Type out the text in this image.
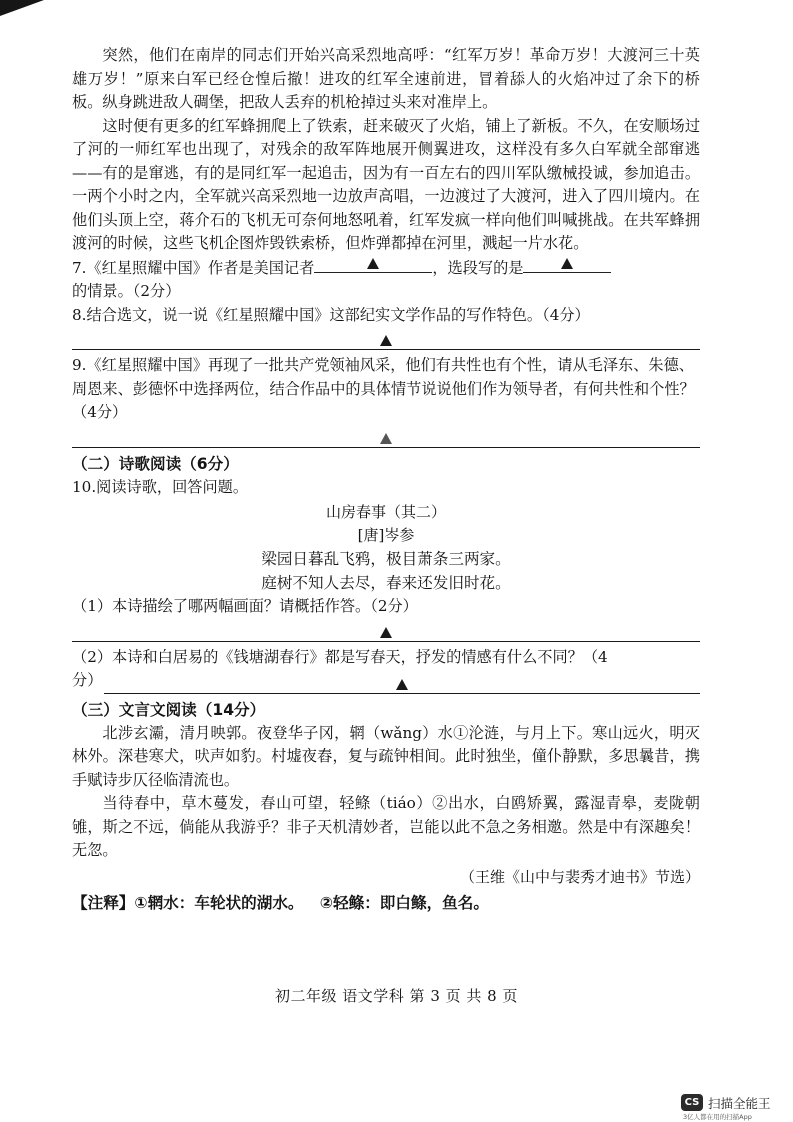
突然，他们在南岸的同志们开始兴高采烈地高呼：“红军万岁！革命万岁！大渡河三十英雄万岁！”原来白军已经仓惶后撤！进攻的红军全速前进，冒着舔人的火焰冲过了余下的桥板。纵身跳进敌人碉堡，把敌人丢弃的机枪掉过头来对准岸上。

这时便有更多的红军蜂拥爬上了铁索，赶来破灭了火焰，铺上了新板。不久，在安顺场过了河的一师红军也出现了，对残余的敌军阵地展开侧翼进攻，这样没有多久白军就全部窜逃——有的是窜逃，有的是同红军一起追击，因为有一百左右的四川军队缴械投诚，参加追击。一两个小时之内，全军就兴高采烈地一边放声高唱，一边渡过了大渡河，进入了四川境内。在他们头顶上空，蒋介石的飞机无可奈何地怒吼着，红军发疯一样向他们叫喊挑战。在共军蜂拥渡河的时候，这些飞机企图炸毁铁索桥，但炸弹都掉在河里，溅起一片水花。

7.《红星照耀中国》作者是美国记者	，选段写的是

的情景。（2分）

8.结合选文，说一说《红星照耀中国》这部纪实文学作品的写作特色。（4分）

9.《红星照耀中国》再现了一批共产党领袖风采，他们有共性也有个性，请从毛泽东、朱德、周恩来、彭德怀中选择两位，结合作品中的具体情节说说他们作为领导者，有何共性和个性？（4分）

（二）诗歌阅读（6分）

10.阅读诗歌，回答问题。

山房春事（其二）

[唐]岑参

梁园日暮乱飞鸦，极目萧条三两家。

庭树不知人去尽，春来还发旧时花。

（1）本诗描绘了哪两幅画面？请概括作答。（2分）

（2）本诗和白居易的《钱塘湖春行》都是写春天，抒发的情感有什么不同？（4
分）

（三）文言文阅读（14分）

北涉玄灞，清月映郭。夜登华子冈，辋（wǎng）水①沦涟，与月上下。寒山远火，明灭林外。深巷寒犬，吠声如豹。村墟夜舂，复与疏钟相间。此时独坐，僮仆静默，多思曩昔，携手赋诗步仄径临清流也。

当待春中，草木蔓发，春山可望，轻鲦（tiáo）②出水，白鸥矫翼，露湿青皋，麦陇朝雊，斯之不远，倘能从我游乎？非子天机清妙者，岂能以此不急之务相邀。然是中有深趣矣！无忽。

（王维《山中与裴秀才迪书》节选）

【注释】①辋水：车轮状的湖水。   ②轻鲦：即白鲦，鱼名。

初二年级 语文学科 第 3 页 共 8 页
CS 扫描全能王
3亿人都在用的扫描App
